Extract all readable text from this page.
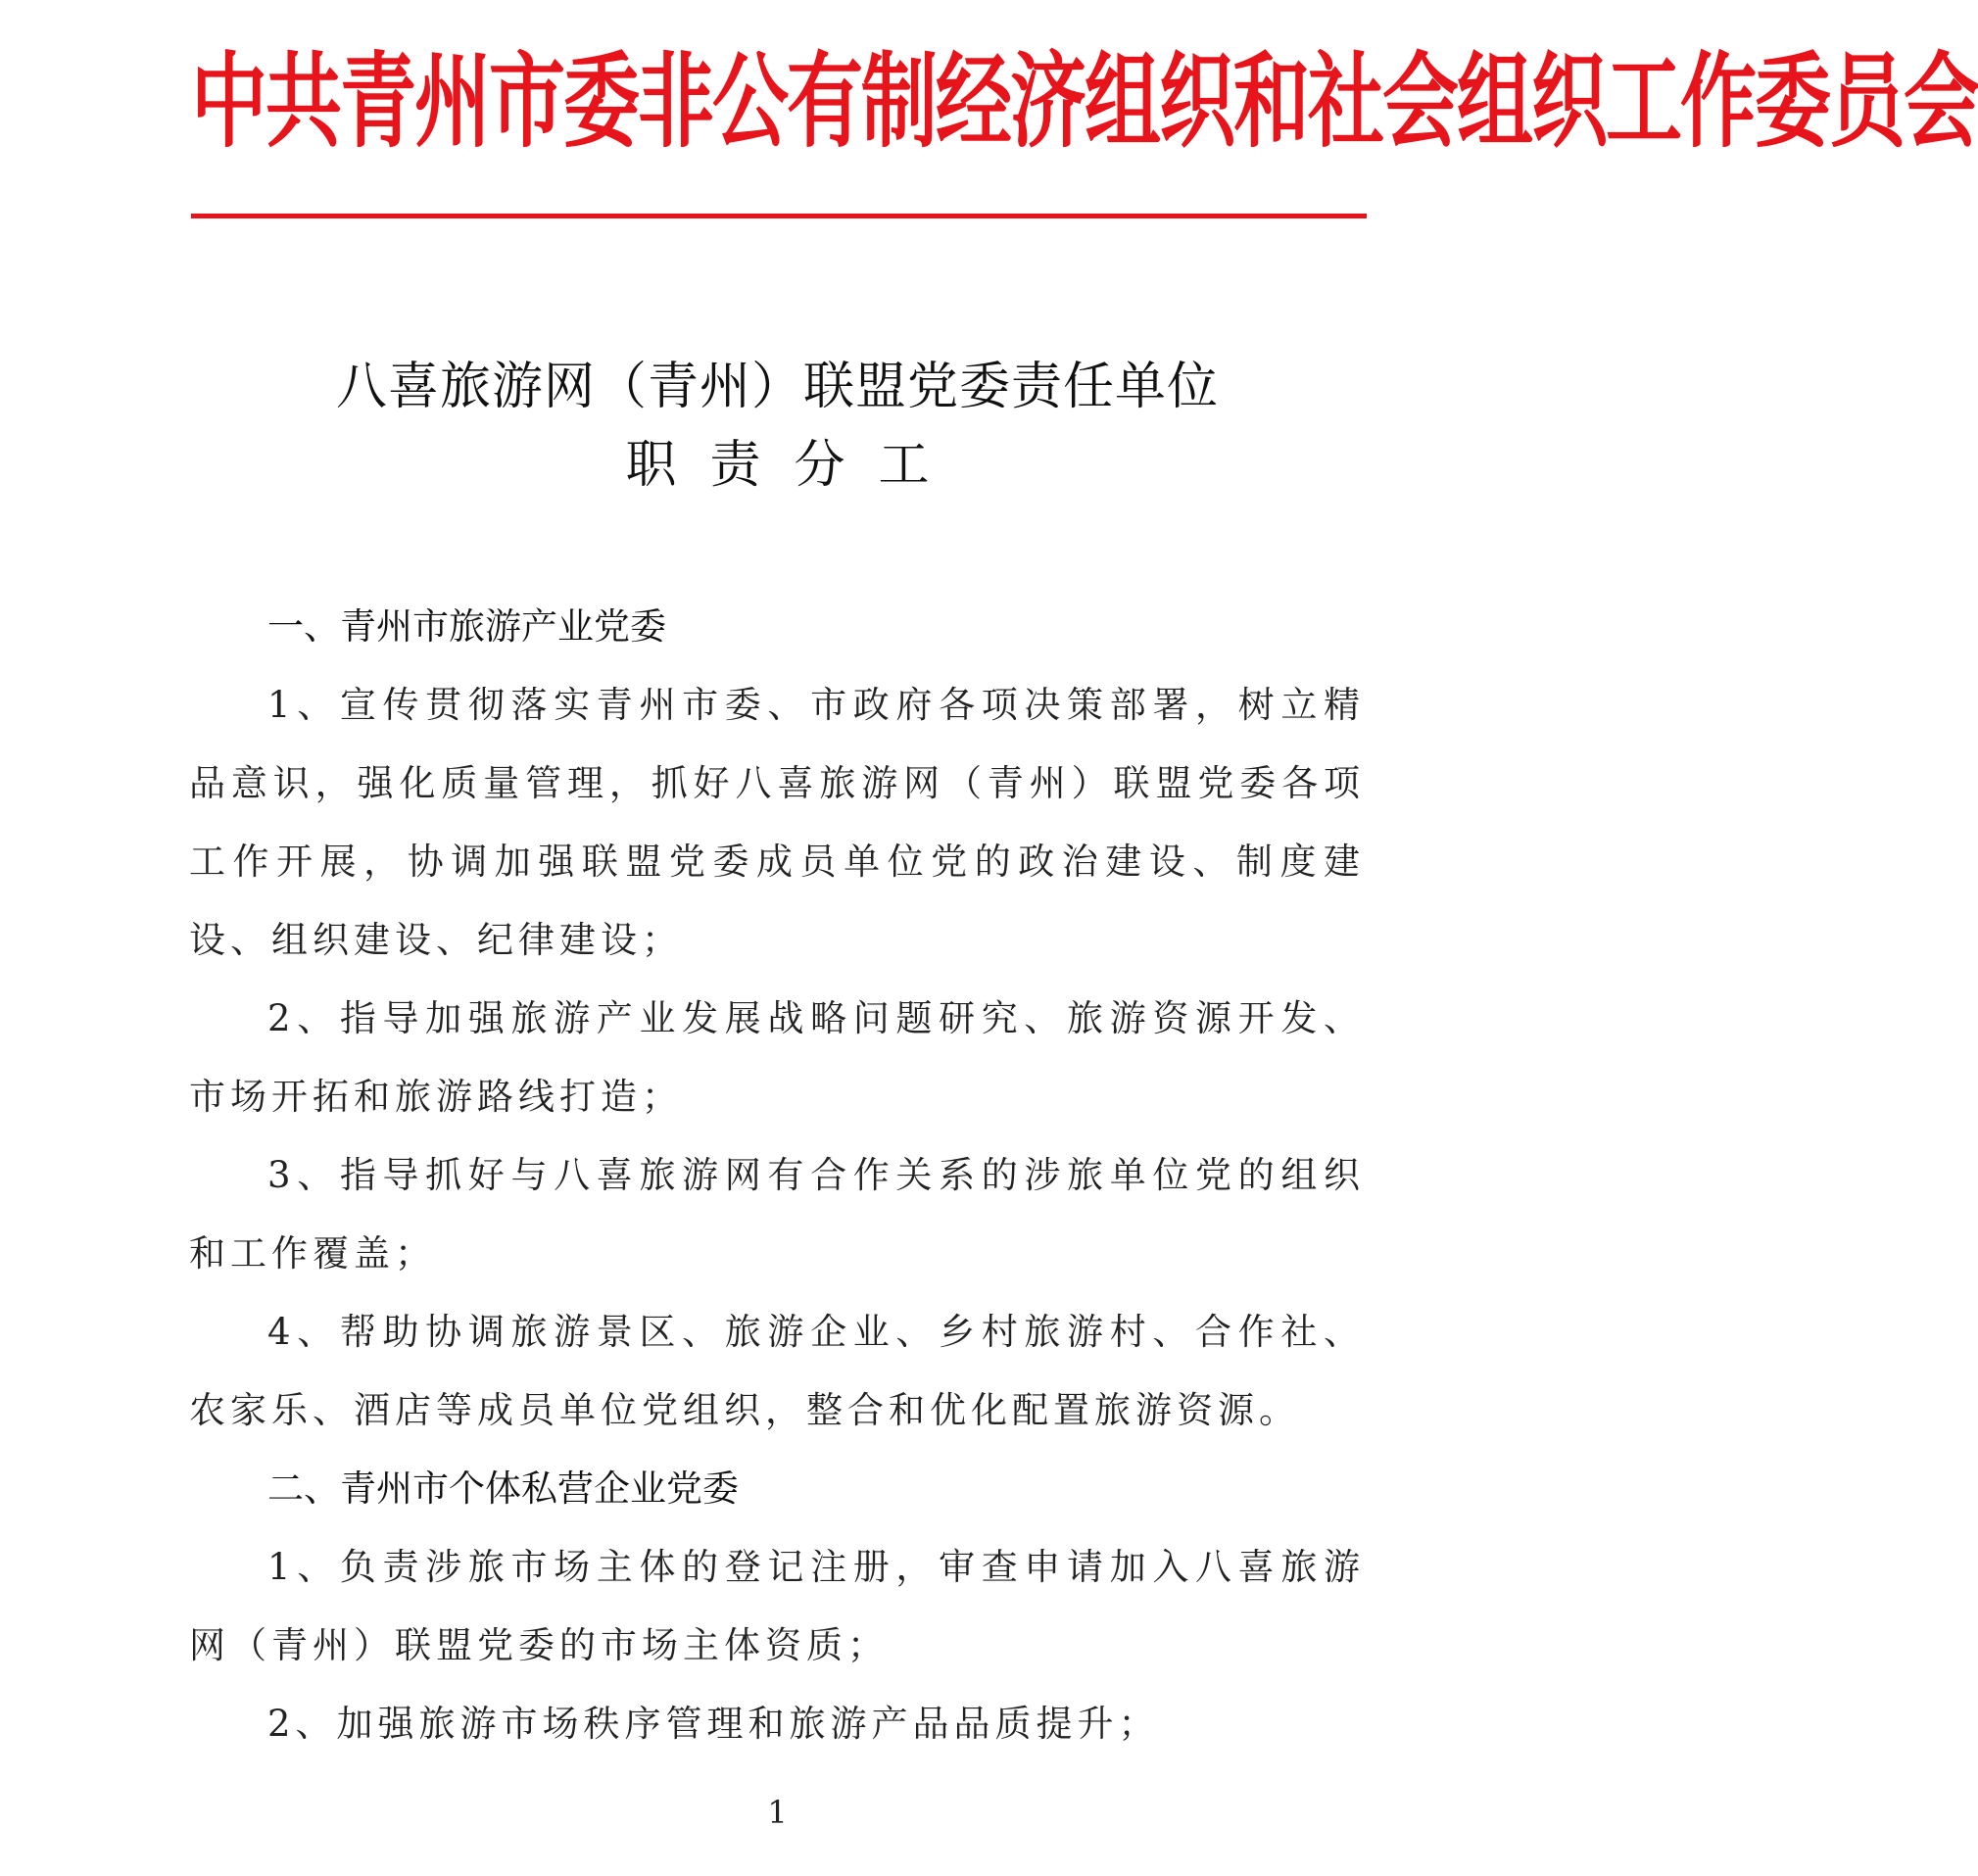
中共青州市委非公有制经济组织和社会组织工作委员会
八喜旅游网（青州）联盟党委责任单位
职责分工

一、青州市旅游产业党委

1、宣传贯彻落实青州市委、市政府各项决策部署，树立精品意识，强化质量管理，抓好八喜旅游网（青州）联盟党委各项工作开展，协调加强联盟党委成员单位党的政治建设、制度建设、组织建设、纪律建设；

2、指导加强旅游产业发展战略问题研究、旅游资源开发、市场开拓和旅游路线打造；

3、指导抓好与八喜旅游网有合作关系的涉旅单位党的组织和工作覆盖；

4、帮助协调旅游景区、旅游企业、乡村旅游村、合作社、农家乐、酒店等成员单位党组织，整合和优化配置旅游资源。

二、青州市个体私营企业党委

1、负责涉旅市场主体的登记注册，审查申请加入八喜旅游网（青州）联盟党委的市场主体资质；

2、加强旅游市场秩序管理和旅游产品品质提升；

1
